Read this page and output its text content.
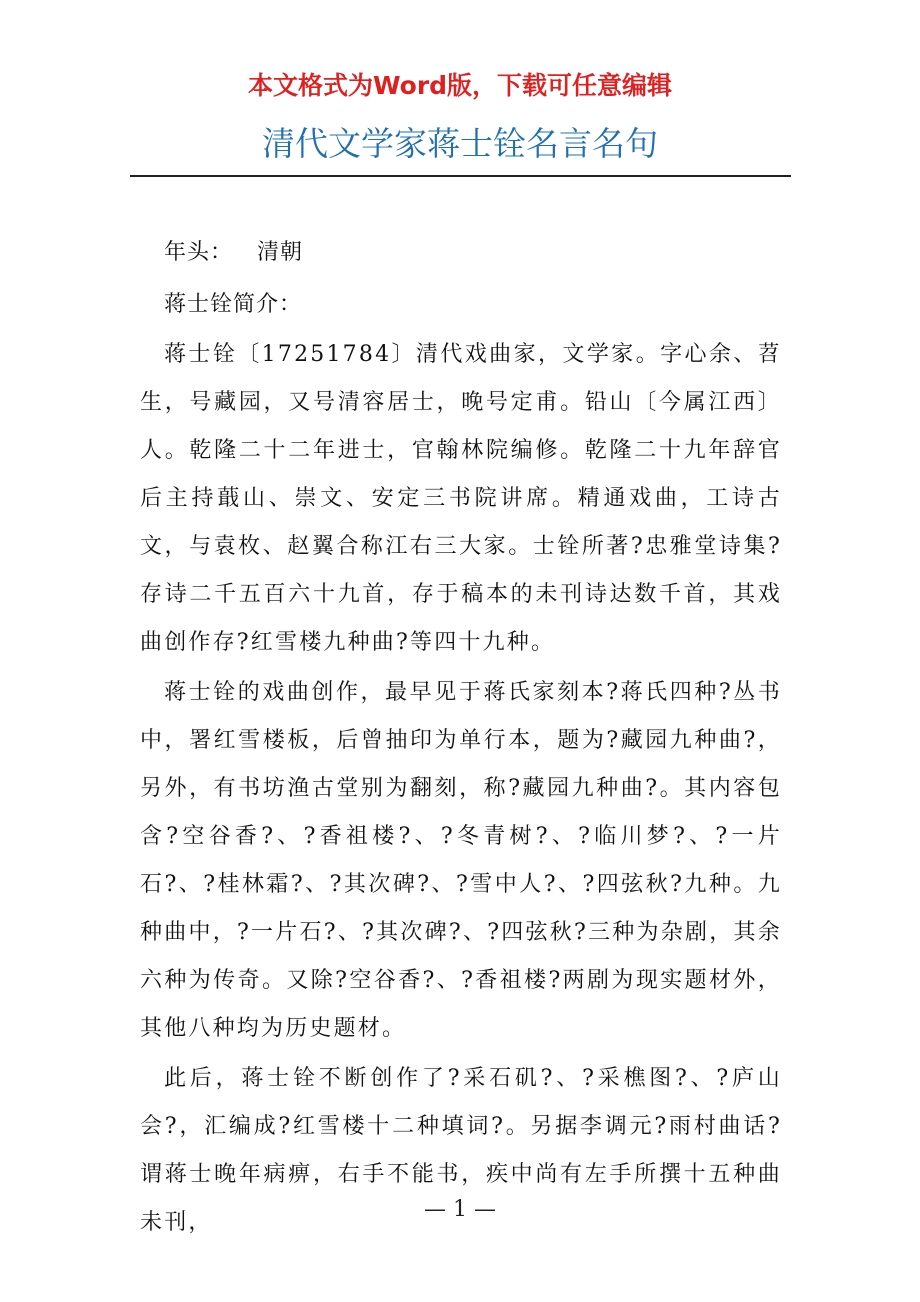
本文格式为Word版，下载可任意编辑
清代文学家蒋士铨名言名句

年头： 清朝

蒋士铨简介：

蒋士铨〔17251784〕清代戏曲家，文学家。字心余、苕生，号藏园，又号清容居士，晚号定甫。铅山〔今属江西〕人。乾隆二十二年进士，官翰林院编修。乾隆二十九年辞官后主持蕺山、崇文、安定三书院讲席。精通戏曲，工诗古文，与袁枚、赵翼合称江右三大家。士铨所著?忠雅堂诗集?存诗二千五百六十九首，存于稿本的未刊诗达数千首，其戏曲创作存?红雪楼九种曲?等四十九种。

蒋士铨的戏曲创作，最早见于蒋氏家刻本?蒋氏四种?丛书中，署红雪楼板，后曾抽印为单行本，题为?藏园九种曲?，另外，有书坊渔古堂别为翻刻，称?藏园九种曲?。其内容包含?空谷香?、?香祖楼?、?冬青树?、?临川梦?、?一片石?、?桂林霜?、?其次碑?、?雪中人?、?四弦秋?九种。九种曲中，?一片石?、?其次碑?、?四弦秋?三种为杂剧，其余六种为传奇。又除?空谷香?、?香祖楼?两剧为现实题材外，其他八种均为历史题材。

此后，蒋士铨不断创作了?采石矶?、?采樵图?、?庐山会?，汇编成?红雪楼十二种填词?。另据李调元?雨村曲话?谓蒋士晚年病痹，右手不能书，疾中尚有左手所撰十五种曲未刊，

— 1 —
